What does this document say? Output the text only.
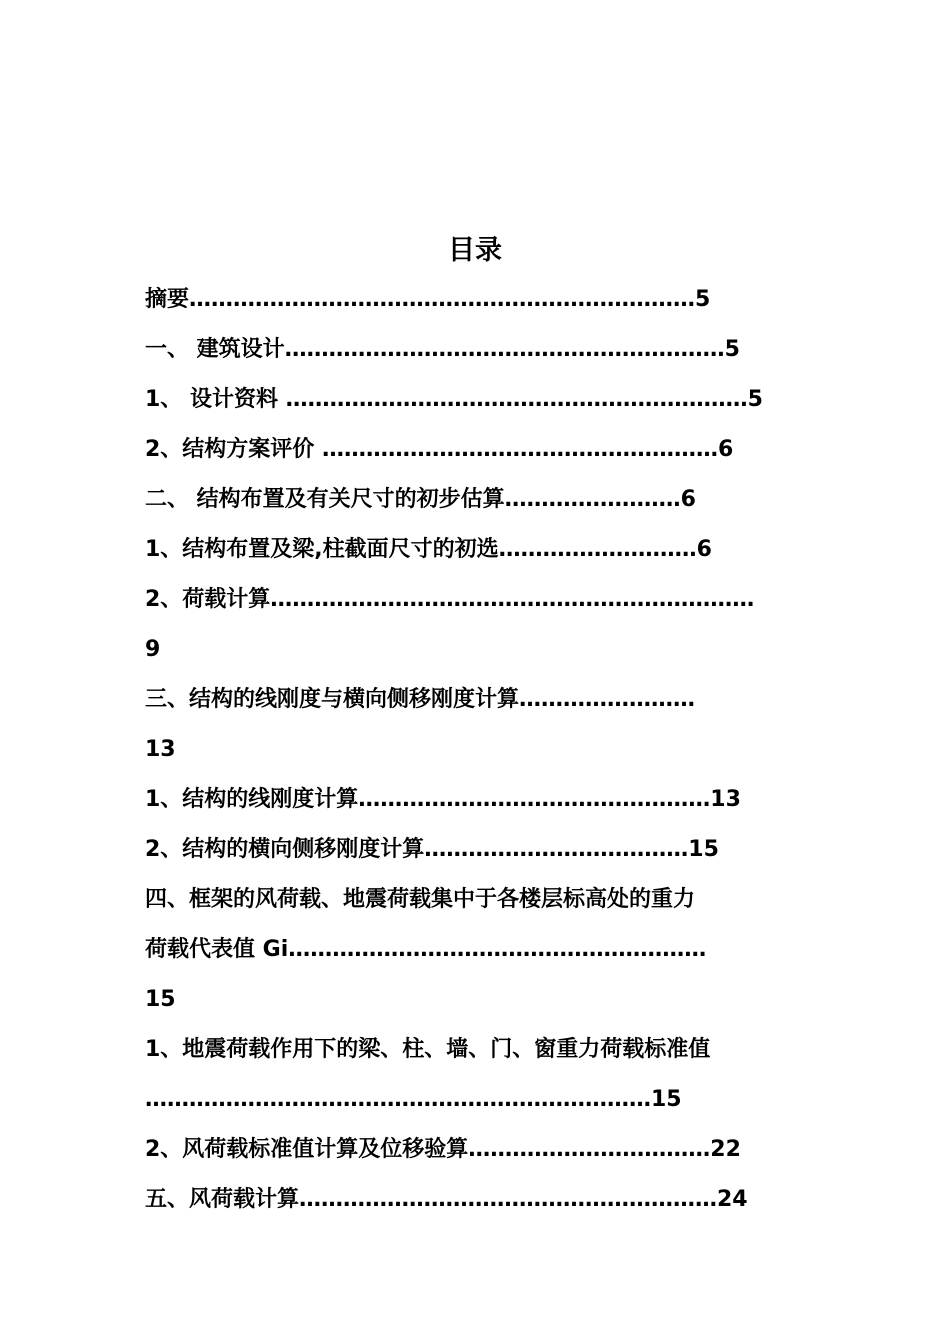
目录
摘要……………………………………………………………5
一、 建筑设计……………………………………………………5
1、 设计资料 ………………………………………………………5
2、结构方案评价 ………………………………………………6
二、 结构布置及有关尺寸的初步估算……………………6
1、结构布置及梁,柱截面尺寸的初选………………………6
2、荷载计算…………………………………………………………
9
三、结构的线刚度与横向侧移刚度计算……………………
13
1、结构的线刚度计算…………………………………………13
2、结构的横向侧移刚度计算………………………………15
四、框架的风荷载、地震荷载集中于各楼层标高处的重力
荷载代表值 Gi…………………………………………………
15
1、地震荷载作用下的梁、柱、墙、门、窗重力荷载标准值
……………………………………………………………15
2、风荷载标准值计算及位移验算……………………………22
五、风荷载计算…………………………………………………24
